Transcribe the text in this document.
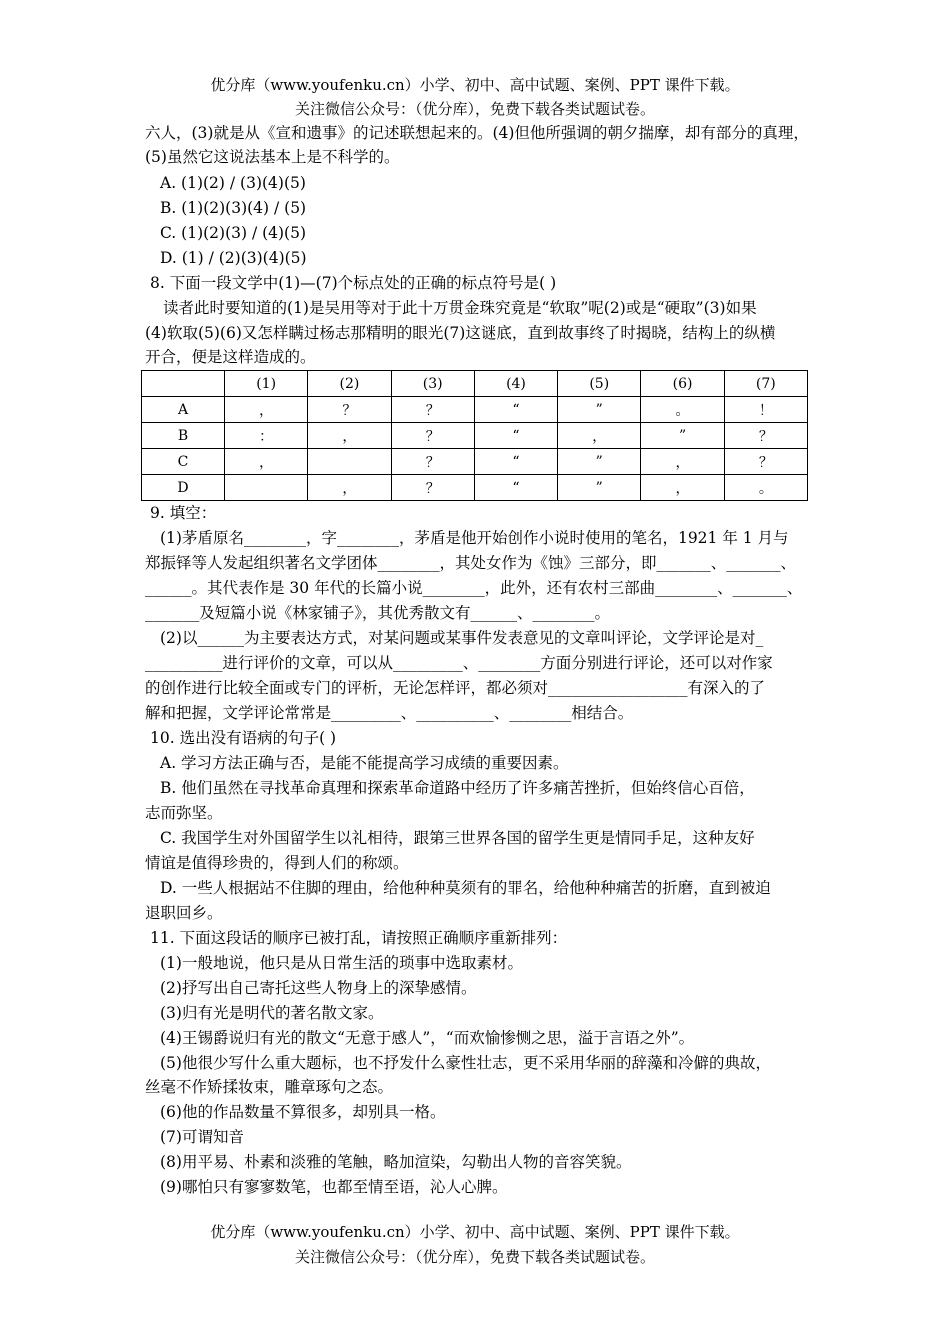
优分库（www.youfenku.cn）小学、初中、高中试题、案例、PPT 课件下载。
关注微信公众号：（优分库），免费下载各类试题试卷。
六人，(3)就是从《宣和遗事》的记述联想起来的。(4)但他所强调的朝夕揣摩，却有部分的真理，
(5)虽然它这说法基本上是不科学的。
A. (1)(2) / (3)(4)(5)
B. (1)(2)(3)(4) / (5)
C. (1)(2)(3) / (4)(5)
D. (1) / (2)(3)(4)(5)
8. 下面一段文学中(1)—(7)个标点处的正确的标点符号是( )
读者此时要知道的(1)是吴用等对于此十万贯金珠究竟是“软取”呢(2)或是“硬取”(3)如果
(4)软取(5)(6)又怎样瞒过杨志那精明的眼光(7)这谜底，直到故事终了时揭晓，结构上的纵横
开合，便是这样造成的。
	(1)	(2)	(3)	(4)	(5)	(6)	(7)
A	，	？	？	“	”	。	！
B	：	，	？	“	，	”	？
C	，		？	“	”	，	？
D		，	？	“	”	，	。
9. 填空：
(1)茅盾原名________，字________，茅盾是他开始创作小说时使用的笔名，1921 年 1 月与
郑振铎等人发起组织著名文学团体________，其处女作为《蚀》三部分，即_______、_______、
______。其代表作是 30 年代的长篇小说________，此外，还有农村三部曲________、_______、
_______及短篇小说《林家铺子》，其优秀散文有______、________。
(2)以______为主要表达方式，对某问题或某事件发表意见的文章叫评论，文学评论是对_
__________进行评价的文章，可以从_________、________方面分别进行评论，还可以对作家
的创作进行比较全面或专门的评析，无论怎样评，都必须对__________________有深入的了
解和把握，文学评论常常是_________、__________、________相结合。
10. 选出没有语病的句子( )
A. 学习方法正确与否，是能不能提高学习成绩的重要因素。
B. 他们虽然在寻找革命真理和探索革命道路中经历了许多痛苦挫折，但始终信心百倍，
志而弥坚。
C. 我国学生对外国留学生以礼相待，跟第三世界各国的留学生更是情同手足，这种友好
情谊是值得珍贵的，得到人们的称颂。
D. 一些人根据站不住脚的理由，给他种种莫须有的罪名，给他种种痛苦的折磨，直到被迫
退职回乡。
11. 下面这段话的顺序已被打乱，请按照正确顺序重新排列：
(1)一般地说，他只是从日常生活的琐事中选取素材。
(2)抒写出自己寄托这些人物身上的深挚感情。
(3)归有光是明代的著名散文家。
(4)王锡爵说归有光的散文“无意于感人”，“而欢愉惨恻之思，溢于言语之外”。
(5)他很少写什么重大题标，也不抒发什么豪性壮志，更不采用华丽的辞藻和冷僻的典故，
丝毫不作矫揉妆束，雕章琢句之态。
(6)他的作品数量不算很多，却别具一格。
(7)可谓知音
(8)用平易、朴素和淡雅的笔触，略加渲染，勾勒出人物的音容笑貌。
(9)哪怕只有寥寥数笔，也都至情至语，沁人心脾。
优分库（www.youfenku.cn）小学、初中、高中试题、案例、PPT 课件下载。
关注微信公众号：（优分库），免费下载各类试题试卷。
